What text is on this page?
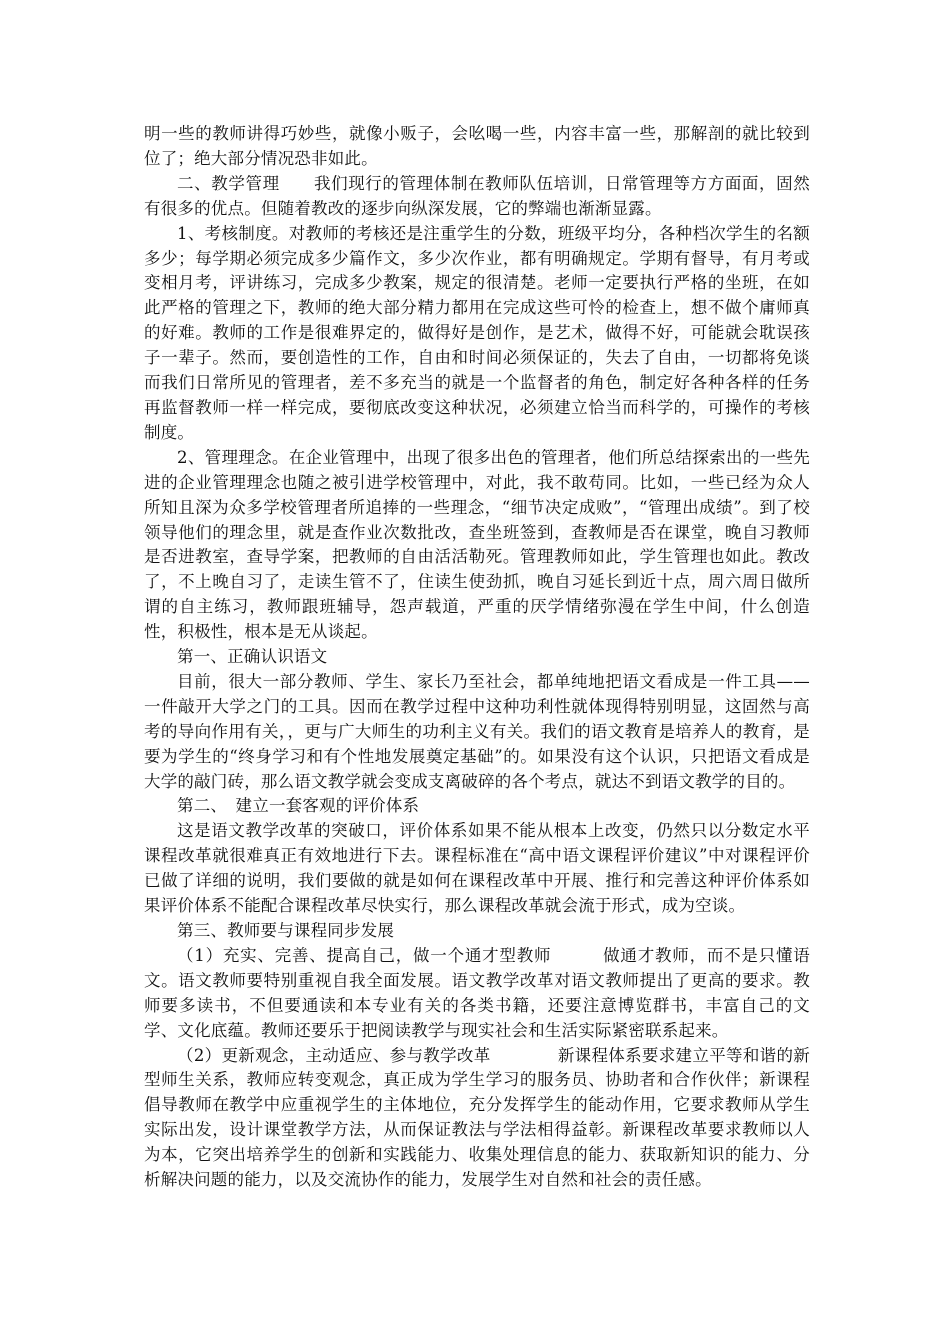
明一些的教师讲得巧妙些，就像小贩子，会吆喝一些，内容丰富一些，那解剖的就比较到位了；绝大部分情况恐非如此。

二、教学管理　　我们现行的管理体制在教师队伍培训，日常管理等方方面面，固然有很多的优点。但随着教改的逐步向纵深发展，它的弊端也渐渐显露。

1、考核制度。对教师的考核还是注重学生的分数，班级平均分，各种档次学生的名额多少；每学期必须完成多少篇作文，多少次作业，都有明确规定。学期有督导，有月考或变相月考，评讲练习，完成多少教案，规定的很清楚。老师一定要执行严格的坐班，在如此严格的管理之下，教师的绝大部分精力都用在完成这些可怜的检查上，想不做个庸师真的好难。教师的工作是很难界定的，做得好是创作，是艺术，做得不好，可能就会耽误孩子一辈子。然而，要创造性的工作，自由和时间必须保证的，失去了自由，一切都将免谈而我们日常所见的管理者，差不多充当的就是一个监督者的角色，制定好各种各样的任务再监督教师一样一样完成，要彻底改变这种状况，必须建立恰当而科学的，可操作的考核制度。

2、管理理念。在企业管理中，出现了很多出色的管理者，他们所总结探索出的一些先进的企业管理理念也随之被引进学校管理中，对此，我不敢苟同。比如，一些已经为众人所知且深为众多学校管理者所追捧的一些理念，“细节决定成败”，“管理出成绩”。到了校领导他们的理念里，就是查作业次数批改，查坐班签到，查教师是否在课堂，晚自习教师是否进教室，查导学案，把教师的自由活活勒死。管理教师如此，学生管理也如此。教改了，不上晚自习了，走读生管不了，住读生使劲抓，晚自习延长到近十点，周六周日做所谓的自主练习，教师跟班辅导，怨声载道，严重的厌学情绪弥漫在学生中间，什么创造性，积极性，根本是无从谈起。

第一、正确认识语文

目前，很大一部分教师、学生、家长乃至社会，都单纯地把语文看成是一件工具——一件敲开大学之门的工具。因而在教学过程中这种功利性就体现得特别明显，这固然与高考的导向作用有关，，更与广大师生的功利主义有关。我们的语文教育是培养人的教育，是要为学生的“终身学习和有个性地发展奠定基础”的。如果没有这个认识，只把语文看成是大学的敲门砖，那么语文教学就会变成支离破碎的各个考点，就达不到语文教学的目的。

第二、　建立一套客观的评价体系

这是语文教学改革的突破口，评价体系如果不能从根本上改变，仍然只以分数定水平课程改革就很难真正有效地进行下去。课程标准在“高中语文课程评价建议”中对课程评价已做了详细的说明，我们要做的就是如何在课程改革中开展、推行和完善这种评价体系如果评价体系不能配合课程改革尽快实行，那么课程改革就会流于形式，成为空谈。

第三、教师要与课程同步发展

（1）充实、完善、提高自己，做一个通才型教师　　　做通才教师，而不是只懂语文。语文教师要特别重视自我全面发展。语文教学改革对语文教师提出了更高的要求。教师要多读书，不但要通读和本专业有关的各类书籍，还要注意博览群书，丰富自己的文学、文化底蕴。教师还要乐于把阅读教学与现实社会和生活实际紧密联系起来。

（2）更新观念，主动适应、参与教学改革　　　　新课程体系要求建立平等和谐的新型师生关系，教师应转变观念，真正成为学生学习的服务员、协助者和合作伙伴；新课程倡导教师在教学中应重视学生的主体地位，充分发挥学生的能动作用，它要求教师从学生实际出发，设计课堂教学方法，从而保证教法与学法相得益彰。新课程改革要求教师以人为本，它突出培养学生的创新和实践能力、收集处理信息的能力、获取新知识的能力、分析解决问题的能力，以及交流协作的能力，发展学生对自然和社会的责任感。
